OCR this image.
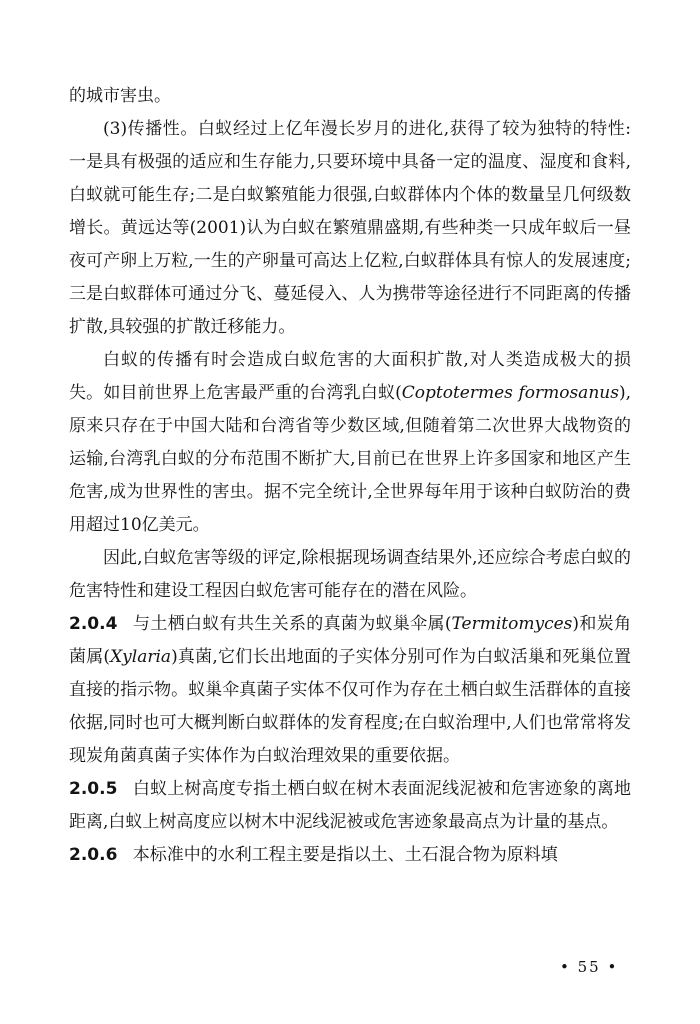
的城市害虫。

(3)传播性。白蚁经过上亿年漫长岁月的进化,获得了较为独特的特性:一是具有极强的适应和生存能力,只要环境中具备一定的温度、湿度和食料,白蚁就可能生存;二是白蚁繁殖能力很强,白蚁群体内个体的数量呈几何级数增长。黄远达等(2001)认为白蚁在繁殖鼎盛期,有些种类一只成年蚁后一昼夜可产卵上万粒,一生的产卵量可高达上亿粒,白蚁群体具有惊人的发展速度;三是白蚁群体可通过分飞、蔓延侵入、人为携带等途径进行不同距离的传播扩散,具较强的扩散迁移能力。

白蚁的传播有时会造成白蚁危害的大面积扩散,对人类造成极大的损失。如目前世界上危害最严重的台湾乳白蚁(Coptotermes formosanus),原来只存在于中国大陆和台湾省等少数区域,但随着第二次世界大战物资的运输,台湾乳白蚁的分布范围不断扩大,目前已在世界上许多国家和地区产生危害,成为世界性的害虫。据不完全统计,全世界每年用于该种白蚁防治的费用超过10亿美元。

因此,白蚁危害等级的评定,除根据现场调查结果外,还应综合考虑白蚁的危害特性和建设工程因白蚁危害可能存在的潜在风险。

2.0.4 与土栖白蚁有共生关系的真菌为蚁巢伞属(Termitomyces)和炭角菌属(Xylaria)真菌,它们长出地面的子实体分别可作为白蚁活巢和死巢位置直接的指示物。蚁巢伞真菌子实体不仅可作为存在土栖白蚁生活群体的直接依据,同时也可大概判断白蚁群体的发育程度;在白蚁治理中,人们也常常将发现炭角菌真菌子实体作为白蚁治理效果的重要依据。

2.0.5 白蚁上树高度专指土栖白蚁在树木表面泥线泥被和危害迹象的离地距离,白蚁上树高度应以树木中泥线泥被或危害迹象最高点为计量的基点。

2.0.6 本标准中的水利工程主要是指以土、土石混合物为原料填

• 55 •
